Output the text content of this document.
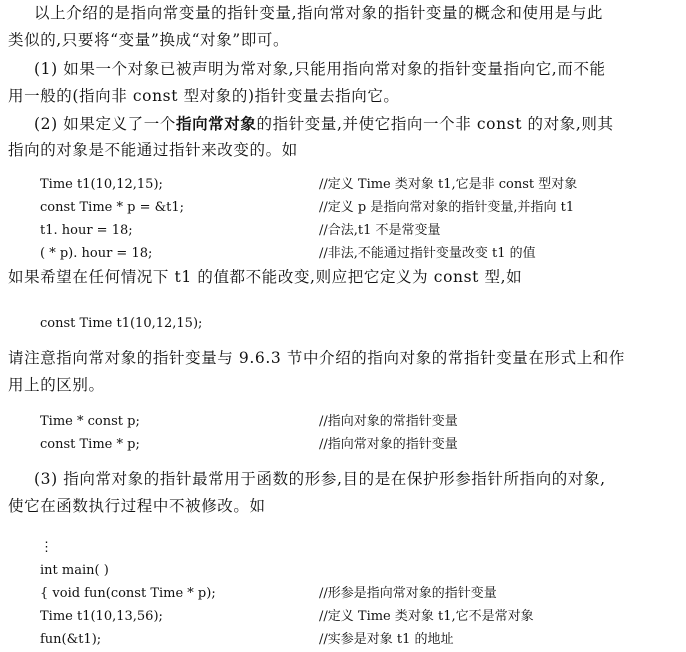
以上介绍的是指向常变量的指针变量,指向常对象的指针变量的概念和使用是与此
类似的,只要将“变量”换成“对象”即可。
(1) 如果一个对象已被声明为常对象,只能用指向常对象的指针变量指向它,而不能
用一般的(指向非 const 型对象的)指针变量去指向它。
(2) 如果定义了一个指向常对象的指针变量,并使它指向一个非 const 的对象,则其
指向的对象是不能通过指针来改变的。如
Time t1(10,12,15);	//定义 Time 类对象 t1,它是非 const 型对象
const Time * p = &t1;	//定义 p 是指向常对象的指针变量,并指向 t1
t1. hour = 18;	//合法,t1 不是常变量
( * p). hour = 18;	//非法,不能通过指针变量改变 t1 的值
如果希望在任何情况下 t1 的值都不能改变,则应把它定义为 const 型,如
const Time t1(10,12,15);
请注意指向常对象的指针变量与 9.6.3 节中介绍的指向对象的常指针变量在形式上和作
用上的区别。
Time * const p;	//指向对象的常指针变量
const Time * p;	//指向常对象的指针变量
(3) 指向常对象的指针最常用于函数的形参,目的是在保护形参指针所指向的对象,
使它在函数执行过程中不被修改。如
⋮
int main( )
{ void fun(const Time * p);	//形参是指向常对象的指针变量
Time t1(10,13,56);	//定义 Time 类对象 t1,它不是常对象
fun(&t1);	//实参是对象 t1 的地址
